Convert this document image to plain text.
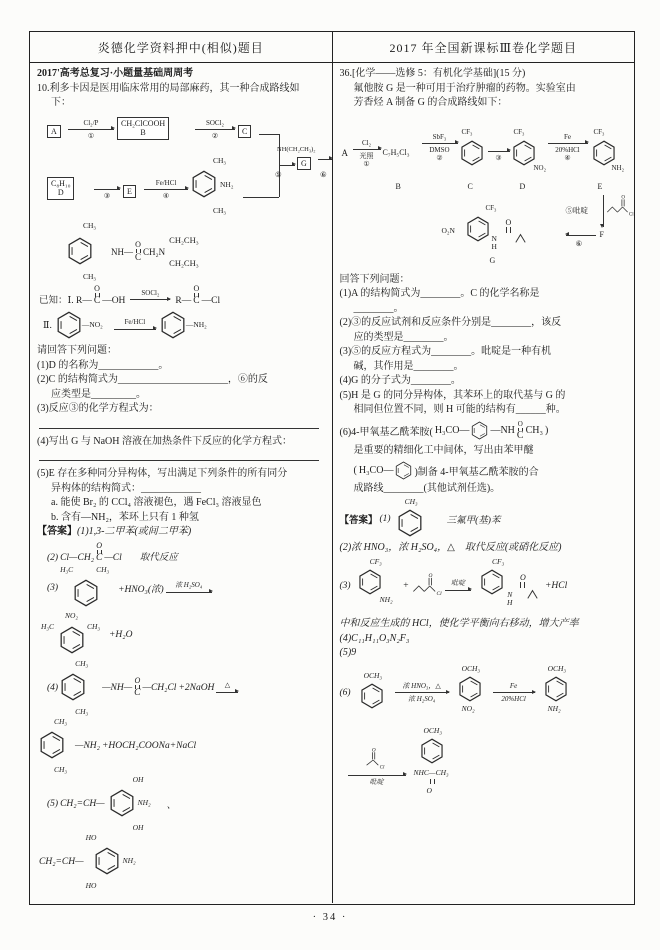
炎德化学资料押中(相似)题目	2017 年全国新课标Ⅲ卷化学题目
2017'高考总复习·小题量基础周周考
10.利多卡因是医用临床常用的局部麻药，其一种合成路线如
下：
A
Cl₂/P
①
CH₂ClCOOH
B
SOCl₂
②
C
⑤
G
NH(CH₂CH₃)₂
⑥
C₈H₁₀
D	③	E
Fe/HCl
④
CH₃
NH₂
CH₃
CH₃
CH₃
NH—
O
C
CH₂N
CH₂CH₃
CH₂CH₃
已知：Ⅰ. R—
O
C —OH
SOCl₂
R—
O
C —Cl
Ⅱ.	—NO₂	Fe/HCl	—NH₂
请回答下列问题：
(1)D 的名称为____________。
(2)C 的结构简式为______________________，⑥的反
应类型是_________。
(3)反应③的化学方程式为：
(4)写出 G 与 NaOH 溶液在加热条件下反应的化学方程式：
(5)E 存在多种同分异构体，写出满足下列条件的所有同分
异构体的结构简式：____________
a. 能使 Br₂ 的 CCl₄ 溶液褪色，遇 FeCl₃ 溶液显色
b. 含有—NH₂，苯环上只有 1 种氢
【答案】(1)1,3-二甲苯(或间二甲苯)
(2) Cl—CH₂
O
C —Cl 取代反应
(3)
H₃C	CH₃
+HNO₃(浓) 浓 H₂SO₄
NO₂
H₃C	CH₃
+H₂O
(4)
CH₃
CH₃
—NH—
O
C
—CH₂Cl +2NaOH △
CH₃
CH₃
—NH₂ +HOCH₂COONa+NaCl
(5) CH₂=CH—
OH
NH₂
OH
、
CH₂=CH—
HO
NH₂
HO
36.[化学——选修 5：有机化学基础](15 分)
氟他胺 G 是一种可用于治疗肿瘤的药物。实验室由
芳香烃 A 制备 G 的合成路线如下：
A
Cl₂
光照
①
C₇H₅Cl₃
B
SbF₃
DMSO
②
CF₃
C
③
CF₃
NO₂
D
Fe
20%HCl
④
CF₃
NH₂
E
⑤吡啶
O
Cl
F
⑥
O₂N
CF₃
N
H
O
G
回答下列问题：
(1)A 的结构简式为________。C 的化学名称是
________。
(2)③的反应试剂和反应条件分别是________，该反
应的类型是________。
(3)⑤的反应方程式为________。吡啶是一种有机
碱，其作用是________。
(4)G 的分子式为________。
(5)H 是 G 的同分异构体，其苯环上的取代基与 G 的
相同但位置不同，则 H 可能的结构有______种。
(6)4-甲氧基乙酰苯胺( H₃CO— —NH
O
C CH₃ )
是重要的精细化工中间体，写出由苯甲醚
( H₃CO— )制备 4-甲氧基乙酰苯胺的合
成路线________(其他试剂任选)。
【答案】 (1)
CH₃
三氟甲(基)苯
(2)浓 HNO₃，浓 H₂SO₄，△　取代反应(或硝化反应)
(3)
CF₃
NH₂
+
O
Cl
吡啶
CF₃
N
H
O
+HCl
中和反应生成的 HCl，使化学平衡向右移动，增大产率
(4)C₁₁H₁₁O₃N₂F₃
(5)9
(6)
OCH₃
浓 HNO₃，△
浓 H₂SO₄
OCH₃
NO₂
Fe
20%HCl
OCH₃
NH₂
O
Cl
吡啶
OCH₃
NHC—CH₃
O
· 34 ·
